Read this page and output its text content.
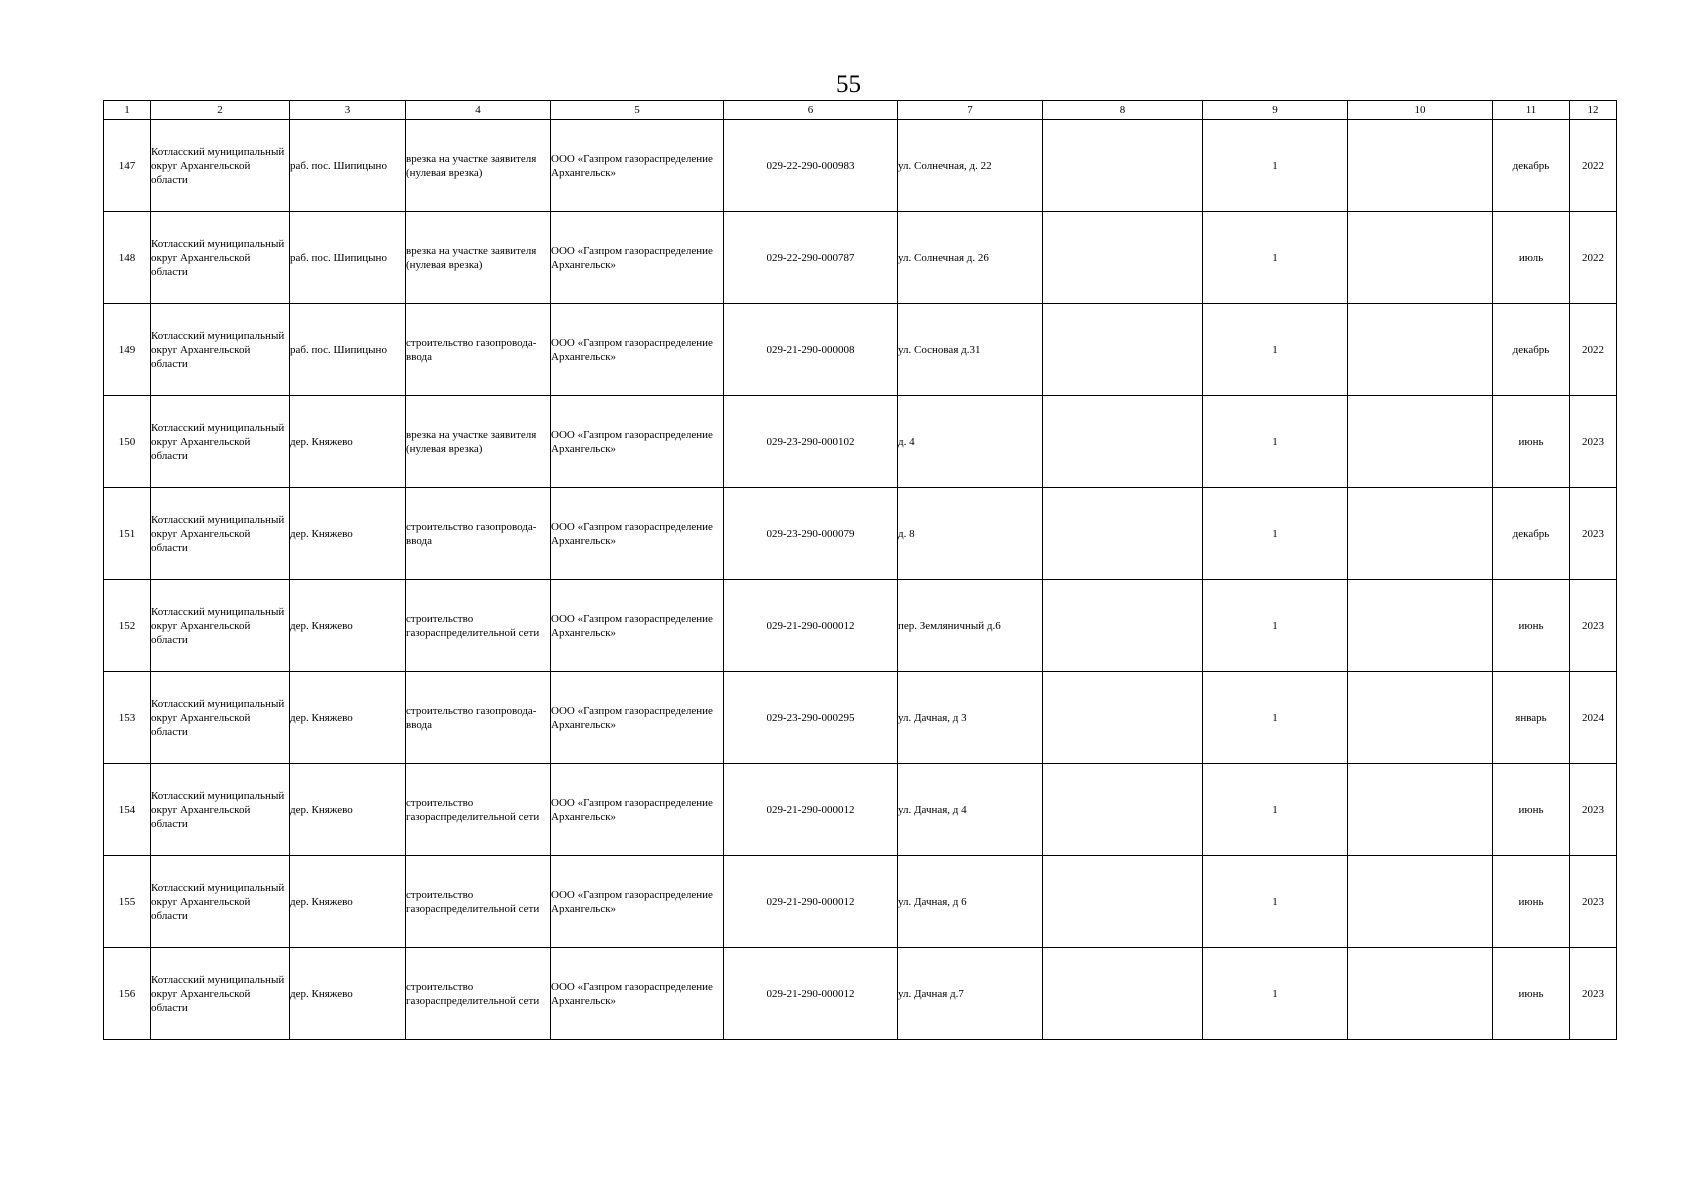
55
1	2	3	4	5	6	7	8	9	10	11	12
147	Котласский муниципальный округ Архангельской области	раб. пос. Шипицыно	врезка на участке заявителя (нулевая врезка)	ООО «Газпром газораспределение Архангельск»	029-22-290-000983	ул. Солнечная, д. 22		1		декабрь	2022
148	Котласский муниципальный округ Архангельской области	раб. пос. Шипицыно	врезка на участке заявителя (нулевая врезка)	ООО «Газпром газораспределение Архангельск»	029-22-290-000787	ул. Солнечная д. 26		1		июль	2022
149	Котласский муниципальный округ Архангельской области	раб. пос. Шипицыно	строительство газопровода-ввода	ООО «Газпром газораспределение Архангельск»	029-21-290-000008	ул. Сосновая д.31		1		декабрь	2022
150	Котласский муниципальный округ Архангельской области	дер. Княжево	врезка на участке заявителя (нулевая врезка)	ООО «Газпром газораспределение Архангельск»	029-23-290-000102	д. 4		1		июнь	2023
151	Котласский муниципальный округ Архангельской области	дер. Княжево	строительство газопровода-ввода	ООО «Газпром газораспределение Архангельск»	029-23-290-000079	д. 8		1		декабрь	2023
152	Котласский муниципальный округ Архангельской области	дер. Княжево	строительство газораспределительной сети	ООО «Газпром газораспределение Архангельск»	029-21-290-000012	пер. Земляничный д.6		1		июнь	2023
153	Котласский муниципальный округ Архангельской области	дер. Княжево	строительство газопровода-ввода	ООО «Газпром газораспределение Архангельск»	029-23-290-000295	ул. Дачная, д 3		1		январь	2024
154	Котласский муниципальный округ Архангельской области	дер. Княжево	строительство газораспределительной сети	ООО «Газпром газораспределение Архангельск»	029-21-290-000012	ул. Дачная, д 4		1		июнь	2023
155	Котласский муниципальный округ Архангельской области	дер. Княжево	строительство газораспределительной сети	ООО «Газпром газораспределение Архангельск»	029-21-290-000012	ул. Дачная, д 6		1		июнь	2023
156	Котласский муниципальный округ Архангельской области	дер. Княжево	строительство газораспределительной сети	ООО «Газпром газораспределение Архангельск»	029-21-290-000012	ул. Дачная д.7		1		июнь	2023
